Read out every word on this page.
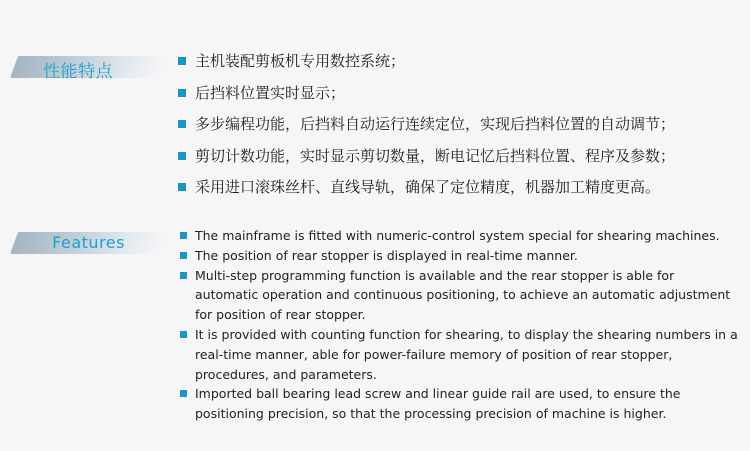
性能特点
主机装配剪板机专用数控系统；
后挡料位置实时显示；
多步编程功能，后挡料自动运行连续定位，实现后挡料位置的自动调节；
剪切计数功能，实时显示剪切数量，断电记忆后挡料位置、程序及参数；
采用进口滚珠丝杆、直线导轨，确保了定位精度，机器加工精度更高。
Features	The mainframe is fitted with numeric-control system special for shearing machines.
The position of rear stopper is displayed in real-time manner.
Multi-step programming function is available and the rear stopper is able for automatic operation and continuous positioning, to achieve an automatic adjustment for position of rear stopper.
It is provided with counting function for shearing, to display the shearing numbers in a real-time manner, able for power-failure memory of position of rear stopper, procedures, and parameters.
Imported ball bearing lead screw and linear guide rail are used, to ensure the positioning precision, so that the processing precision of machine is higher.
